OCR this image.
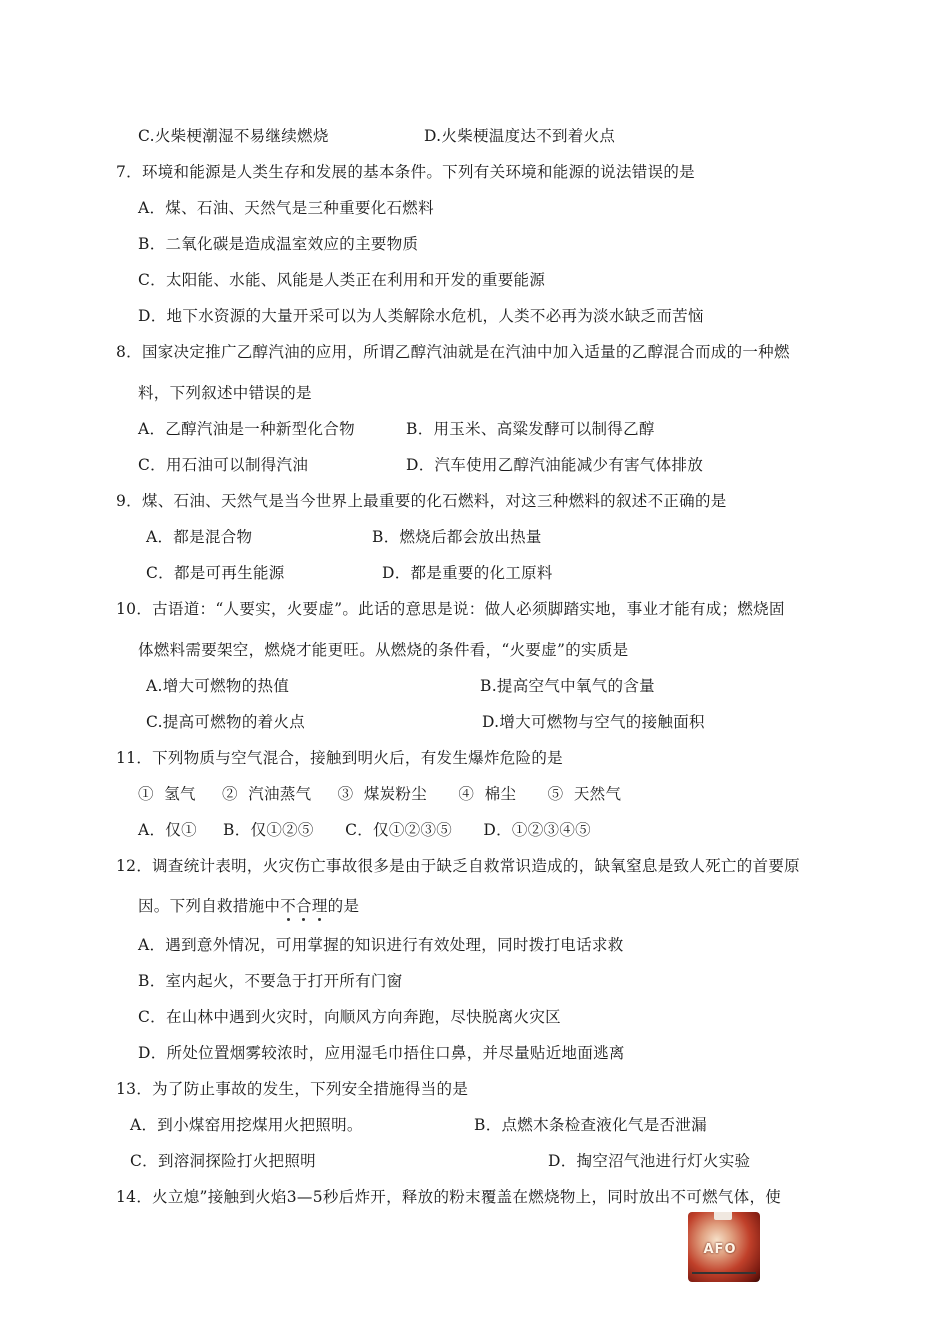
C.火柴梗潮湿不易继续燃烧	D.火柴梗温度达不到着火点
7．环境和能源是人类生存和发展的基本条件。下列有关环境和能源的说法错误的是
A．煤、石油、天然气是三种重要化石燃料
B．二氧化碳是造成温室效应的主要物质
C．太阳能、水能、风能是人类正在利用和开发的重要能源
D．地下水资源的大量开采可以为人类解除水危机，人类不必再为淡水缺乏而苦恼
8．国家决定推广乙醇汽油的应用，所谓乙醇汽油就是在汽油中加入适量的乙醇混合而成的一种燃
料，下列叙述中错误的是
A．乙醇汽油是一种新型化合物	B．用玉米、高粱发酵可以制得乙醇
C．用石油可以制得汽油	D．汽车使用乙醇汽油能减少有害气体排放
9．煤、石油、天然气是当今世界上最重要的化石燃料，对这三种燃料的叙述不正确的是
A．都是混合物	B．燃烧后都会放出热量
C．都是可再生能源	D．都是重要的化工原料
10．古语道：“人要实，火要虚”。此话的意思是说：做人必须脚踏实地，事业才能有成；燃烧固
体燃料需要架空，燃烧才能更旺。从燃烧的条件看，“火要虚”的实质是
A.增大可燃物的热值	B.提高空气中氧气的含量
C.提高可燃物的着火点	D.增大可燃物与空气的接触面积
11．下列物质与空气混合，接触到明火后，有发生爆炸危险的是
①  氢气     ②  汽油蒸气     ③  煤炭粉尘      ④  棉尘      ⑤  天然气
A．仅①     B．仅①②⑤      C．仅①②③⑤      D．①②③④⑤
12．调查统计表明，火灾伤亡事故很多是由于缺乏自救常识造成的，缺氧窒息是致人死亡的首要原
因。下列自救措施中不合理的是
A．遇到意外情况，可用掌握的知识进行有效处理，同时拨打电话求救
B．室内起火，不要急于打开所有门窗
C．在山林中遇到火灾时，向顺风方向奔跑，尽快脱离火灾区
D．所处位置烟雾较浓时，应用湿毛巾捂住口鼻，并尽量贴近地面逃离
13．为了防止事故的发生，下列安全措施得当的是
A．到小煤窑用挖煤用火把照明。	B．点燃木条检查液化气是否泄漏
C．到溶洞探险打火把照明	D．掏空沼气池进行灯火实验
14．火立熄”接触到火焰3—5秒后炸开，释放的粉末覆盖在燃烧物上，同时放出不可燃气体，使
AFO
